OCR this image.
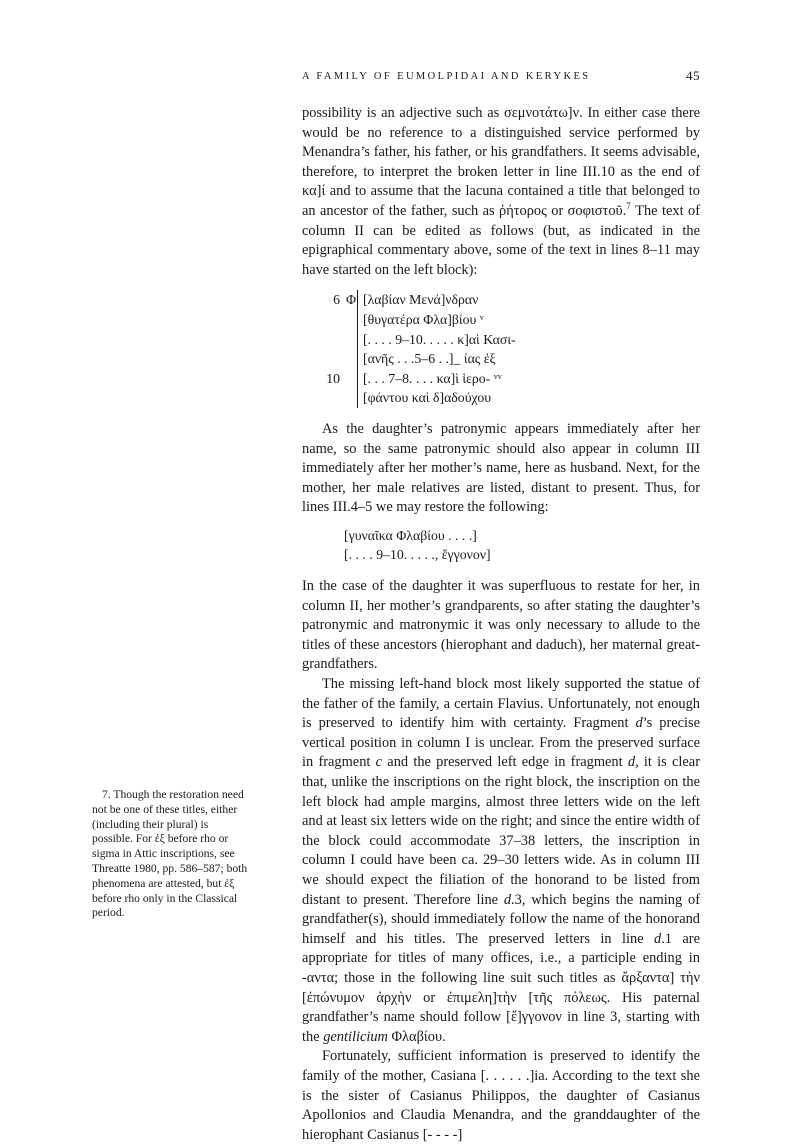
A FAMILY OF EUMOLPIDAI AND KERYKES	45

possibility is an adjective such as σεμνοτάτω]ν. In either case there would be no reference to a distinguished service performed by Menandra’s father, his father, or his grandfathers. It seems advisable, therefore, to interpret the broken letter in line III.10 as the end of κα]ί and to assume that the lacuna contained a title that belonged to an ancestor of the father, such as ῥήτορος or σοφιστοῦ.$^7$ The text of column II can be edited as follows (but, as indicated in the epigraphical commentary above, some of the text in lines 8–11 may have started on the left block):

6 Φ [λαβίαν Μενά]νδραν
[θυγατέρα Φλα]βίου ᵛ
[. . . . 9–10. . . . . κ]αὶ Κασι-
[ανῆς . . .5–6 . .]_ ίας ἐξ
10	[. . . 7–8. . . . κα]ὶ ἱερο- ᵛᵛ
[φάντου καὶ δ]αδούχου

As the daughter’s patronymic appears immediately after her name, so the same patronymic should also appear in column III immediately after her mother’s name, here as husband. Next, for the mother, her male relatives are listed, distant to present. Thus, for lines III.4–5 we may restore the following:

[γυναῖκα Φλαβίου . . . .]
[. . . . 9–10. . . . ., ἔγγονον]

In the case of the daughter it was superfluous to restate for her, in column II, her mother’s grandparents, so after stating the daughter’s patronymic and matronymic it was only necessary to allude to the titles of these ancestors (hierophant and daduch), her maternal great-grandfathers.

The missing left-hand block most likely supported the statue of the father of the family, a certain Flavius. Unfortunately, not enough is preserved to identify him with certainty. Fragment d’s precise vertical position in column I is unclear. From the preserved surface in fragment c and the preserved left edge in fragment d, it is clear that, unlike the inscriptions on the right block, the inscription on the left block had ample margins, almost three letters wide on the left and at least six letters wide on the right; and since the entire width of the block could accommodate 37–38 letters, the inscription in column I could have been ca. 29–30 letters wide. As in column III we should expect the filiation of the honorand to be listed from distant to present. Therefore line d.3, which begins the naming of grandfather(s), should immediately follow the name of the honorand himself and his titles. The preserved letters in line d.1 are appropriate for titles of many offices, i.e., a participle ending in -αντα; those in the following line suit such titles as ἄρξαντα] τὴν [ἐπώνυμον ἀρχὴν or ἐπιμελη]τὴν [τῆς πόλεως. His paternal grandfather’s name should follow [ἔ]γγονον in line 3, starting with the gentilicium Φλαβίου.

Fortunately, sufficient information is preserved to identify the family of the mother, Casiana [. . . . . .]ia. According to the text she is the sister of Casianus Philippos, the daughter of Casianus Apollonios and Claudia Menandra, and the granddaughter of the hierophant Casianus [- - - -]

7. Though the restoration need not be one of these titles, either (including their plural) is possible. For ἐξ before rho or sigma in Attic inscriptions, see Threatte 1980, pp. 586–587; both phenomena are attested, but ἐξ before rho only in the Classical period.
